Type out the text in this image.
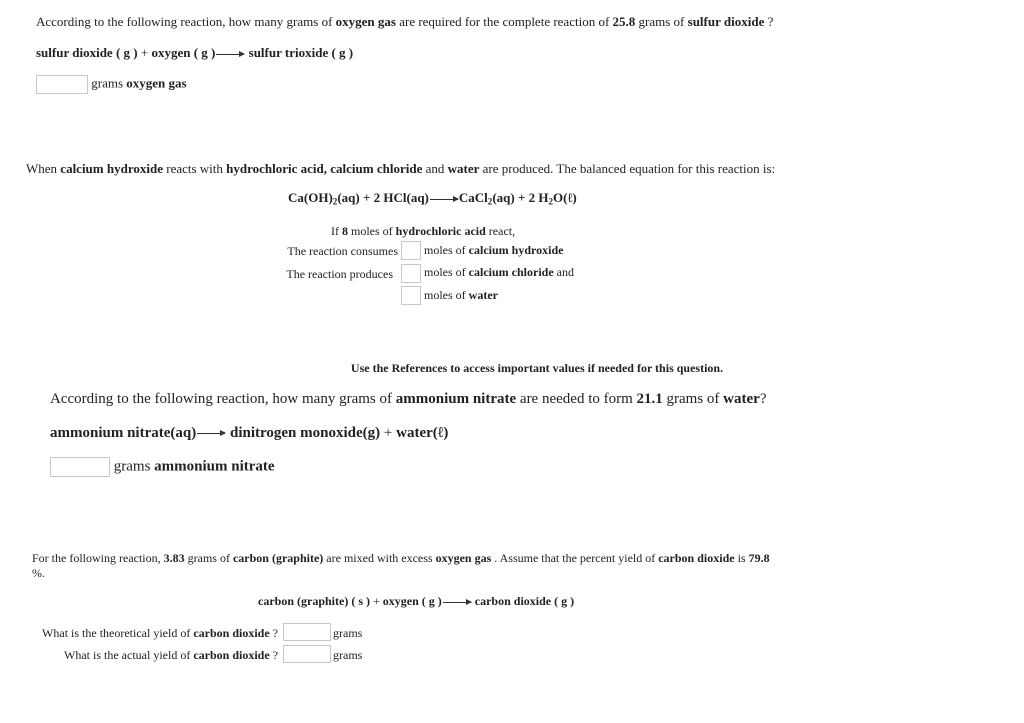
According to the following reaction, how many grams of oxygen gas are required for the complete reaction of 25.8 grams of sulfur dioxide ?
sulfur dioxide ( g ) + oxygen ( g )→ sulfur trioxide ( g )
grams oxygen gas
When calcium hydroxide reacts with hydrochloric acid, calcium chloride and water are produced. The balanced equation for this reaction is:
$Ca(OH)_2(aq) + 2$ HCl(aq)→CaCl$_2$(aq) + 2 $H_2O(\ell)$
If 8 moles of hydrochloric acid react,
The reaction consumes moles of calcium hydroxide
The reaction produces	moles of calcium chloride and
moles of water
Use the References to access important values if needed for this question.
According to the following reaction, how many grams of ammonium nitrate are needed to form 21.1 grams of water?
ammonium nitrate(aq)→ dinitrogen monoxide(g) + water(ℓ)
grams ammonium nitrate
For the following reaction, 3.83 grams of carbon (graphite) are mixed with excess oxygen gas . Assume that the percent yield of carbon dioxide is 79.8
%.
carbon (graphite) ( s ) + oxygen ( g )→ carbon dioxide ( g )
What is the theoretical yield of carbon dioxide ?	grams
What is the actual yield of carbon dioxide ?	grams
